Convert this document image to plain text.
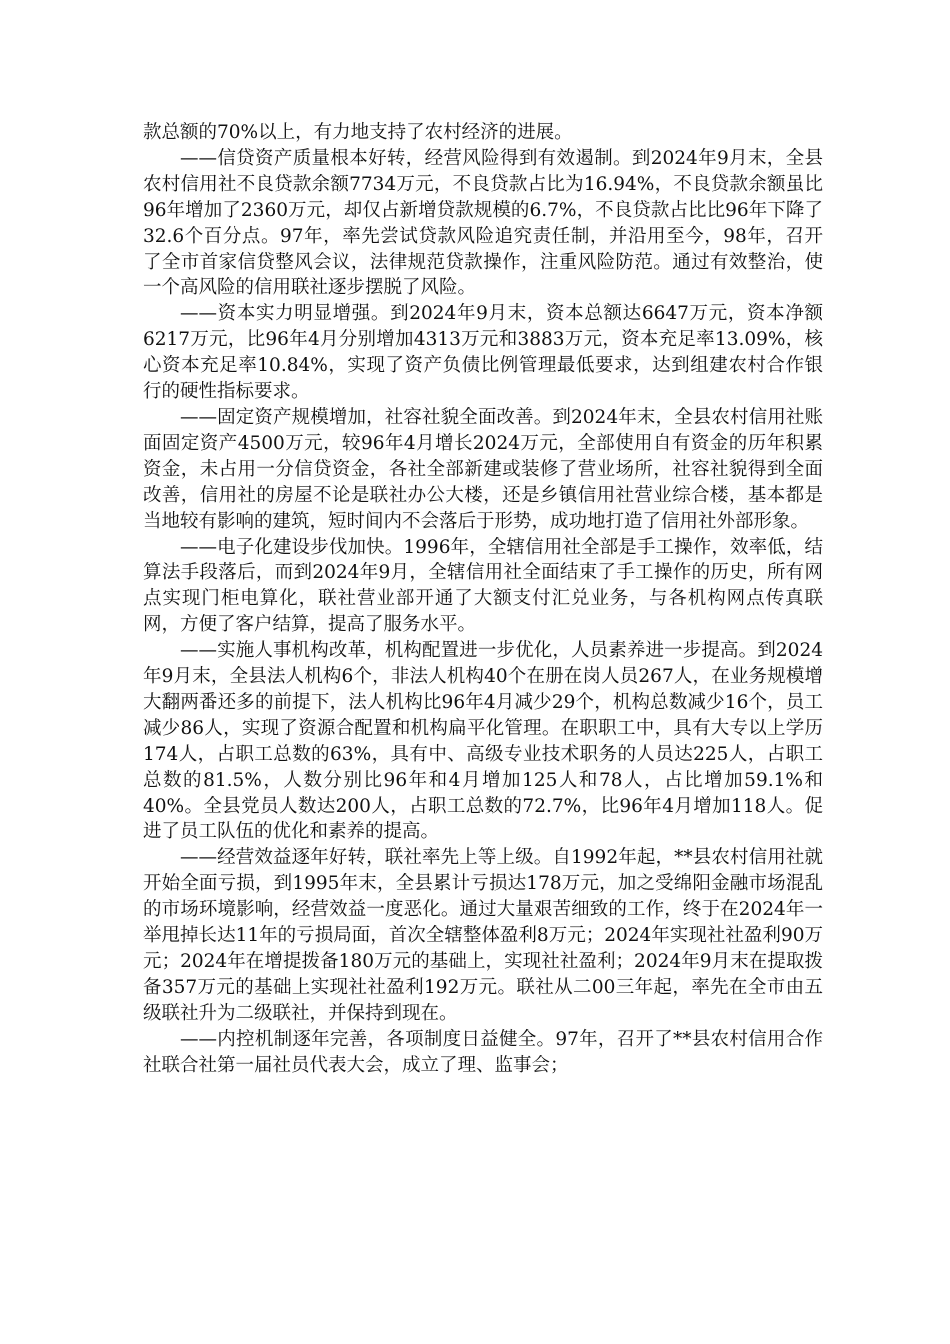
款总额的70%以上，有力地支持了农村经济的进展。

——信贷资产质量根本好转，经营风险得到有效遏制。到2024年9月末，全县农村信用社不良贷款余额7734万元，不良贷款占比为16.94%，不良贷款余额虽比96年增加了2360万元，却仅占新增贷款规模的6.7%，不良贷款占比比96年下降了32.6个百分点。97年，率先尝试贷款风险追究责任制，并沿用至今，98年，召开了全市首家信贷整风会议，法律规范贷款操作，注重风险防范。通过有效整治，使一个高风险的信用联社逐步摆脱了风险。

——资本实力明显增强。到2024年9月末，资本总额达6647万元，资本净额6217万元，比96年4月分别增加4313万元和3883万元，资本充足率13.09%，核心资本充足率10.84%，实现了资产负债比例管理最低要求，达到组建农村合作银行的硬性指标要求。

——固定资产规模增加，社容社貌全面改善。到2024年末，全县农村信用社账面固定资产4500万元，较96年4月增长2024万元，全部使用自有资金的历年积累资金，未占用一分信贷资金，各社全部新建或装修了营业场所，社容社貌得到全面改善，信用社的房屋不论是联社办公大楼，还是乡镇信用社营业综合楼，基本都是当地较有影响的建筑，短时间内不会落后于形势，成功地打造了信用社外部形象。

——电子化建设步伐加快。1996年，全辖信用社全部是手工操作，效率低，结算法手段落后，而到2024年9月，全辖信用社全面结束了手工操作的历史，所有网点实现门柜电算化，联社营业部开通了大额支付汇兑业务，与各机构网点传真联网，方便了客户结算，提高了服务水平。

——实施人事机构改革，机构配置进一步优化，人员素养进一步提高。到2024年9月末，全县法人机构6个，非法人机构40个在册在岗人员267人，在业务规模增大翻两番还多的前提下，法人机构比96年4月减少29个，机构总数减少16个，员工减少86人，实现了资源合配置和机构扁平化管理。在职职工中，具有大专以上学历174人，占职工总数的63%，具有中、高级专业技术职务的人员达225人，占职工总数的81.5%，人数分别比96年和4月增加125人和78人，占比增加59.1%和40%。全县党员人数达200人，占职工总数的72.7%，比96年4月增加118人。促进了员工队伍的优化和素养的提高。

——经营效益逐年好转，联社率先上等上级。自1992年起，**县农村信用社就开始全面亏损，到1995年末，全县累计亏损达178万元，加之受绵阳金融市场混乱的市场环境影响，经营效益一度恶化。通过大量艰苦细致的工作，终于在2024年一举甩掉长达11年的亏损局面，首次全辖整体盈利8万元；2024年实现社社盈利90万元；2024年在增提拨备180万元的基础上，实现社社盈利；2024年9月末在提取拨备357万元的基础上实现社社盈利192万元。联社从二00三年起，率先在全市由五级联社升为二级联社，并保持到现在。

——内控机制逐年完善，各项制度日益健全。97年，召开了**县农村信用合作社联合社第一届社员代表大会，成立了理、监事会；
